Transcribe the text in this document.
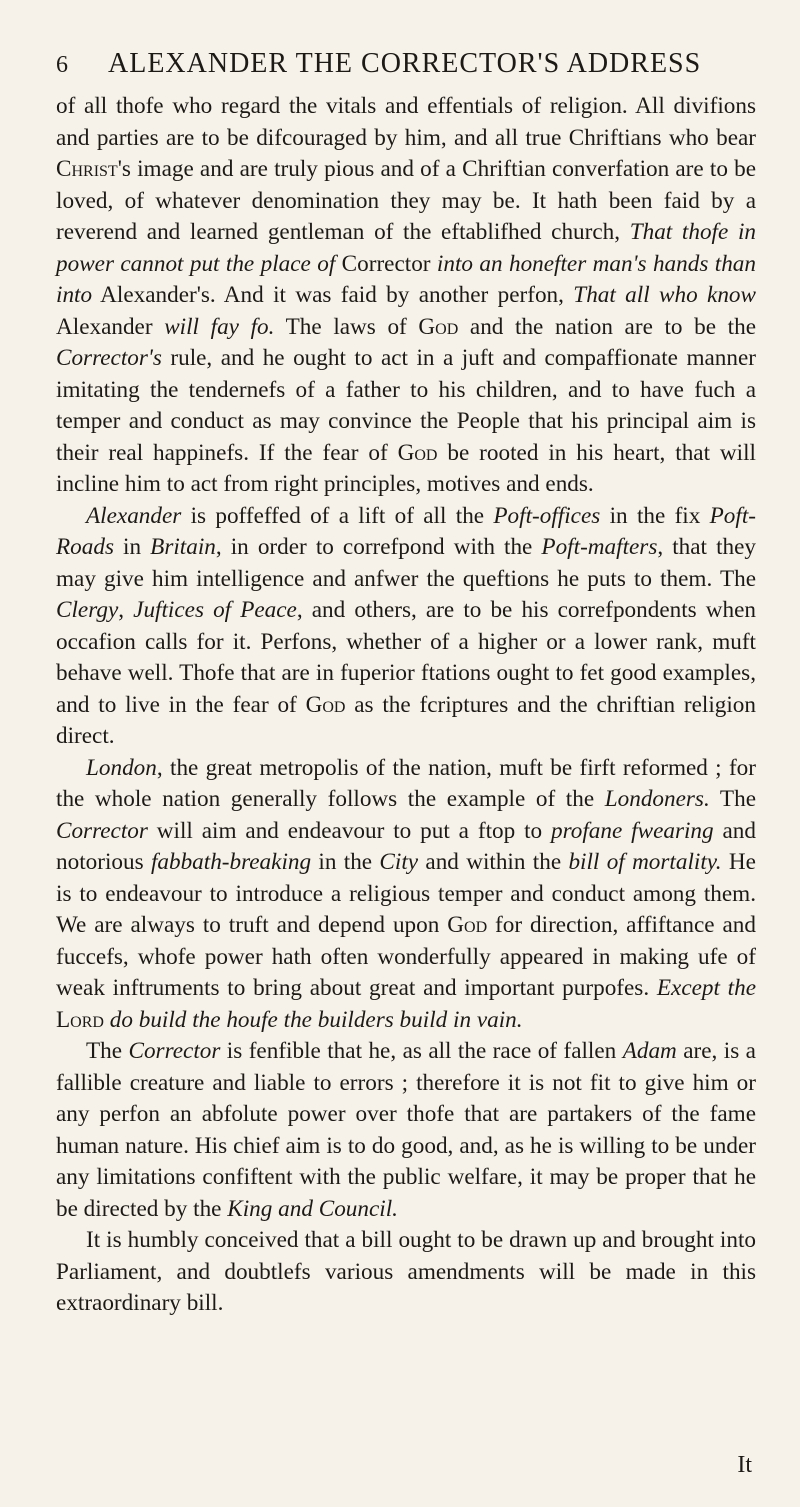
6 ALEXANDER THE CORRECTOR'S ADDRESS

of all thofe who regard the vitals and effentials of religion. All divifions and parties are to be difcouraged by him, and all true Chriftians who bear Christ's image and are truly pious and of a Chriftian converfation are to be loved, of whatever denomination they may be. It hath been faid by a reverend and learned gentleman of the eftablifhed church, That thofe in power cannot put the place of Corrector into an honefter man's hands than into Alexander's. And it was faid by another perfon, That all who know Alexander will fay fo. The laws of God and the nation are to be the Corrector's rule, and he ought to act in a juft and compaffionate manner imitating the tendernefs of a father to his children, and to have fuch a temper and conduct as may convince the People that his principal aim is their real happinefs. If the fear of God be rooted in his heart, that will incline him to act from right principles, motives and ends.

Alexander is poffeffed of a lift of all the Poft-offices in the fix Poft-Roads in Britain, in order to correfpond with the Poft-mafters, that they may give him intelligence and anfwer the queftions he puts to them. The Clergy, Juftices of Peace, and others, are to be his correfpondents when occafion calls for it. Perfons, whether of a higher or a lower rank, muft behave well. Thofe that are in fuperior ftations ought to fet good examples, and to live in the fear of God as the fcriptures and the chriftian religion direct.

London, the great metropolis of the nation, muft be firft reformed ; for the whole nation generally follows the example of the Londoners. The Corrector will aim and endeavour to put a ftop to profane fwearing and notorious fabbath-breaking in the City and within the bill of mortality. He is to endeavour to introduce a religious temper and conduct among them. We are always to truft and depend upon God for direction, affiftance and fuccefs, whofe power hath often wonderfully appeared in making ufe of weak inftruments to bring about great and important purpofes. Except the Lord do build the houfe the builders build in vain.

The Corrector is fenfible that he, as all the race of fallen Adam are, is a fallible creature and liable to errors ; therefore it is not fit to give him or any perfon an abfolute power over thofe that are partakers of the fame human nature. His chief aim is to do good, and, as he is willing to be under any limitations confiftent with the public welfare, it may be proper that he be directed by the King and Council.

It is humbly conceived that a bill ought to be drawn up and brought into Parliament, and doubtlefs various amendments will be made in this extraordinary bill.

It
